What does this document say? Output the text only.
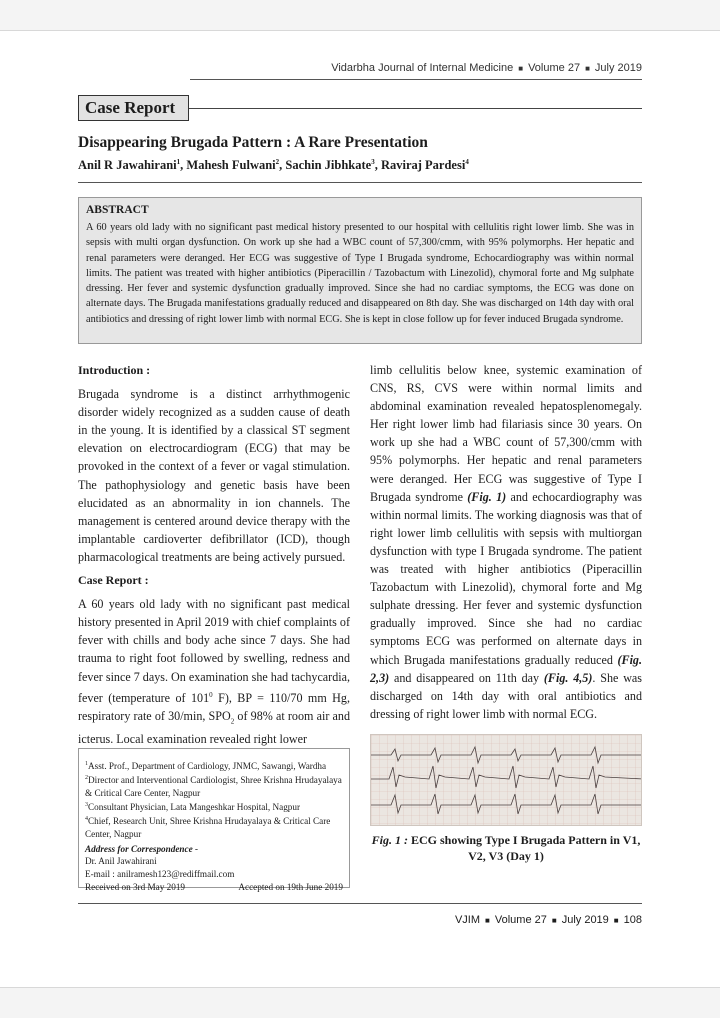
Vidarbha Journal of Internal Medicine ■ Volume 27 ■ July 2019
Case Report
Disappearing Brugada Pattern : A Rare Presentation
Anil R Jawahirani$^1$, Mahesh Fulwani$^2$, Sachin Jibhkate$^3$, Raviraj Pardesi$^4$
ABSTRACT

A 60 years old lady with no significant past medical history presented to our hospital with cellulitis right lower limb. She was in sepsis with multi organ dysfunction. On work up she had a WBC count of 57,300/cmm, with 95% polymorphs. Her hepatic and renal parameters were deranged. Her ECG was suggestive of Type I Brugada syndrome, Echocardiography was within normal limits. The patient was treated with higher antibiotics (Piperacillin / Tazobactum with Linezolid), chymoral forte and Mg sulphate dressing. Her fever and systemic dysfunction gradually improved. Since she had no cardiac symptoms, the ECG was done on alternate days. The Brugada manifestations gradually reduced and disappeared on 8th day. She was discharged on 14th day with oral antibiotics and dressing of right lower limb with normal ECG. She is kept in close follow up for fever induced Brugada syndrome.

Introduction :

Brugada syndrome is a distinct arrhythmogenic disorder widely recognized as a sudden cause of death in the young. It is identified by a classical ST segment elevation on electrocardiogram (ECG) that may be provoked in the context of a fever or vagal stimulation. The pathophysiology and genetic basis have been elucidated as an abnormality in ion channels. The management is centered around device therapy with the implantable cardioverter defibrillator (ICD), though pharmacological treatments are being actively pursued.

Case Report :

A 60 years old lady with no significant past medical history presented in April 2019 with chief complaints of fever with chills and body ache since 7 days. She had trauma to right foot followed by swelling, redness and fever since 7 days. On examination she had tachycardia, fever (temperature of $101^0$ F), BP = 110/70 mm Hg, respiratory rate of 30/min, $SPO_2$ of 98% at room air and icterus. Local examination revealed right lower

$^1$Asst. Prof., Department of Cardiology, JNMC, Sawangi, Wardha
$^2$Director and Interventional Cardiologist, Shree Krishna Hrudayalaya & Critical Care Center, Nagpur
$^3$Consultant Physician, Lata Mangeshkar Hospital, Nagpur
$^4$Chief, Research Unit, Shree Krishna Hrudayalaya & Critical Care Center, Nagpur
Address for Correspondence -
Dr. Anil Jawahirani
E-mail : anilramesh123@rediffmail.com
Received on 3rd May 2019	Accepted on 19th June 2019

limb cellulitis below knee, systemic examination of CNS, RS, CVS were within normal limits and abdominal examination revealed hepatosplenomegaly. Her right lower limb had filariasis since 30 years. On work up she had a WBC count of 57,300/cmm with 95% polymorphs. Her hepatic and renal parameters were deranged. Her ECG was suggestive of Type I Brugada syndrome (Fig. 1) and echocardiography was within normal limits. The working diagnosis was that of right lower limb cellulitis with sepsis with multiorgan dysfunction with type I Brugada syndrome. The patient was treated with higher antibiotics (Piperacillin Tazobactum with Linezolid), chymoral forte and Mg sulphate dressing. Her fever and systemic dysfunction gradually improved. Since she had no cardiac symptoms ECG was performed on alternate days in which Brugada manifestations gradually reduced (Fig. 2,3) and disappeared on 11th day (Fig. 4,5). She was discharged on 14th day with oral antibiotics and dressing of right lower limb with normal ECG.

Fig. 1 : ECG showing Type I Brugada Pattern in V1, V2, V3 (Day 1)
VJIM ■ Volume 27 ■ July 2019 ■ 108
